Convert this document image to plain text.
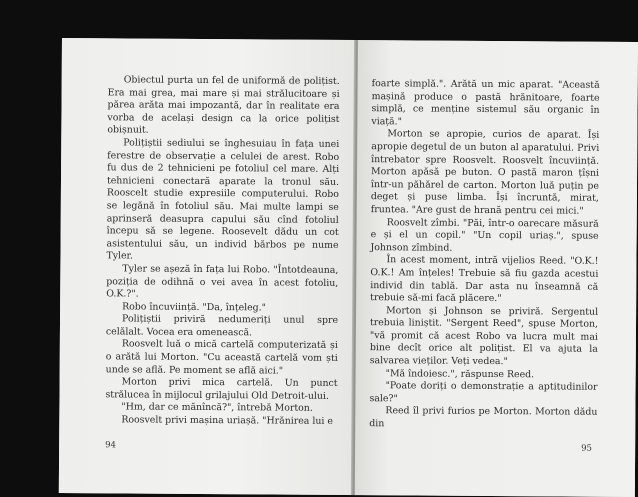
Obiectul purta un fel de uniformă de polițist. Era mai grea, mai mare și mai strălucitoare și părea arăta mai impozantă, dar în realitate era vorba de același design ca la orice polițist obișnuit.

Polițiștii sediului se înghesuiau în fața unei ferestre de observație a celulei de arest. Robo fu dus de 2 tehnicieni pe fotoliul cel mare. Alți tehnicieni conectară aparate la tronul său. Rooscelt studie expresiile computerului. Robo se legănă în fotoliul său. Mai multe lampi se aprinseră deasupra capului său cînd fotoliul începu să se legene. Roosevelt dădu un cot asistentului său, un individ bărbos pe nume Tyler.

Tyler se așeză în fața lui Robo. "Întotdeauna, poziția de odihnă o vei avea în acest fotoliu, O.K.?".

Robo încuviință. "Da, înțeleg."

Polițiștii priviră nedumeriți unul spre celălalt. Vocea era omenească.

Roosvelt luă o mică cartelă computerizată și o arătă lui Morton. "Cu această cartelă vom ști unde se află. Pe moment se află aici."

Morton privi mica cartelă. Un punct strălucea în mijlocul grilajului Old Detroit-ului.

"Hm, dar ce mănîncă?", întrebă Morton.

Roosvelt privi mașina uriașă. "Hrănirea lui e

94

foarte simplă.". Arătă un mic aparat. "Această mașină produce o pastă hrănitoare, foarte simplă, ce menține sistemul său organic în viață."

Morton se apropie, curios de aparat. Își apropie degetul de un buton al aparatului. Privi întrebator spre Roosvelt. Roosvelt încuviință. Morton apăsă pe buton. O pastă maron țîșni într-un păhărel de carton. Morton luă puțin pe deget și puse limba. Își încruntă, mirat, fruntea. "Are gust de hrană pentru cei mici."

Roosvelt zîmbi. "Păi, într-o oarecare măsură e și el un copil." "Un copil uriaș.", spuse Johnson zîmbind.

În acest moment, intră vijelios Reed. "O.K.! O.K.! Am înțeles! Trebuie să fiu gazda acestui individ din tablă. Dar asta nu înseamnă că trebuie să-mi facă plăcere."

Morton și Johnson se priviră. Sergentul trebuia liniștit. "Sergent Reed", spuse Morton, "vă promit că acest Robo va lucra mult mai bine decît orice alt polițist. El va ajuta la salvarea vieților. Veți vedea."

"Mă îndoiesc.", răspunse Reed.

"Poate doriți o demonstrație a aptitudinilor sale?"

Reed îl privi furios pe Morton. Morton dădu din

95
